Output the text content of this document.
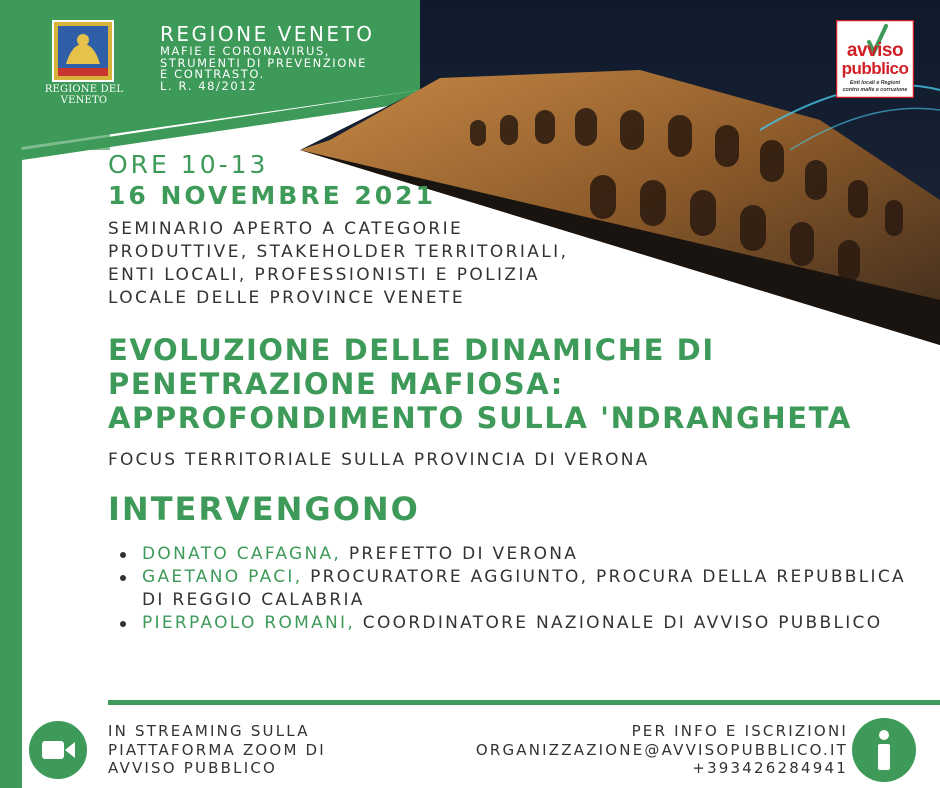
REGIONE DEL VENETO
REGIONE VENETO
MAFIE E CORONAVIRUS,
STRUMENTI DI PREVENZIONE
E CONTRASTO.
L. R. 48/2012
avviso
pubblico
Enti locali e Regioni
contro mafie e corruzione
ORE 10-13
16 NOVEMBRE 2021
SEMINARIO APERTO A CATEGORIE
PRODUTTIVE, STAKEHOLDER TERRITORIALI,
ENTI LOCALI, PROFESSIONISTI E POLIZIA
LOCALE DELLE PROVINCE VENETE
EVOLUZIONE DELLE DINAMICHE DI
PENETRAZIONE MAFIOSA:
APPROFONDIMENTO SULLA 'NDRANGHETA
FOCUS TERRITORIALE SULLA PROVINCIA DI VERONA
INTERVENGONO
DONATO CAFAGNA, PREFETTO DI VERONA
GAETANO PACI, PROCURATORE AGGIUNTO, PROCURA DELLA REPUBBLICA DI REGGIO CALABRIA
PIERPAOLO ROMANI, COORDINATORE NAZIONALE DI AVVISO PUBBLICO
IN STREAMING SULLA
PIATTAFORMA ZOOM DI
AVVISO PUBBLICO
PER INFO E ISCRIZIONI
ORGANIZZAZIONE@AVVISOPUBBLICO.IT
+393426284941
